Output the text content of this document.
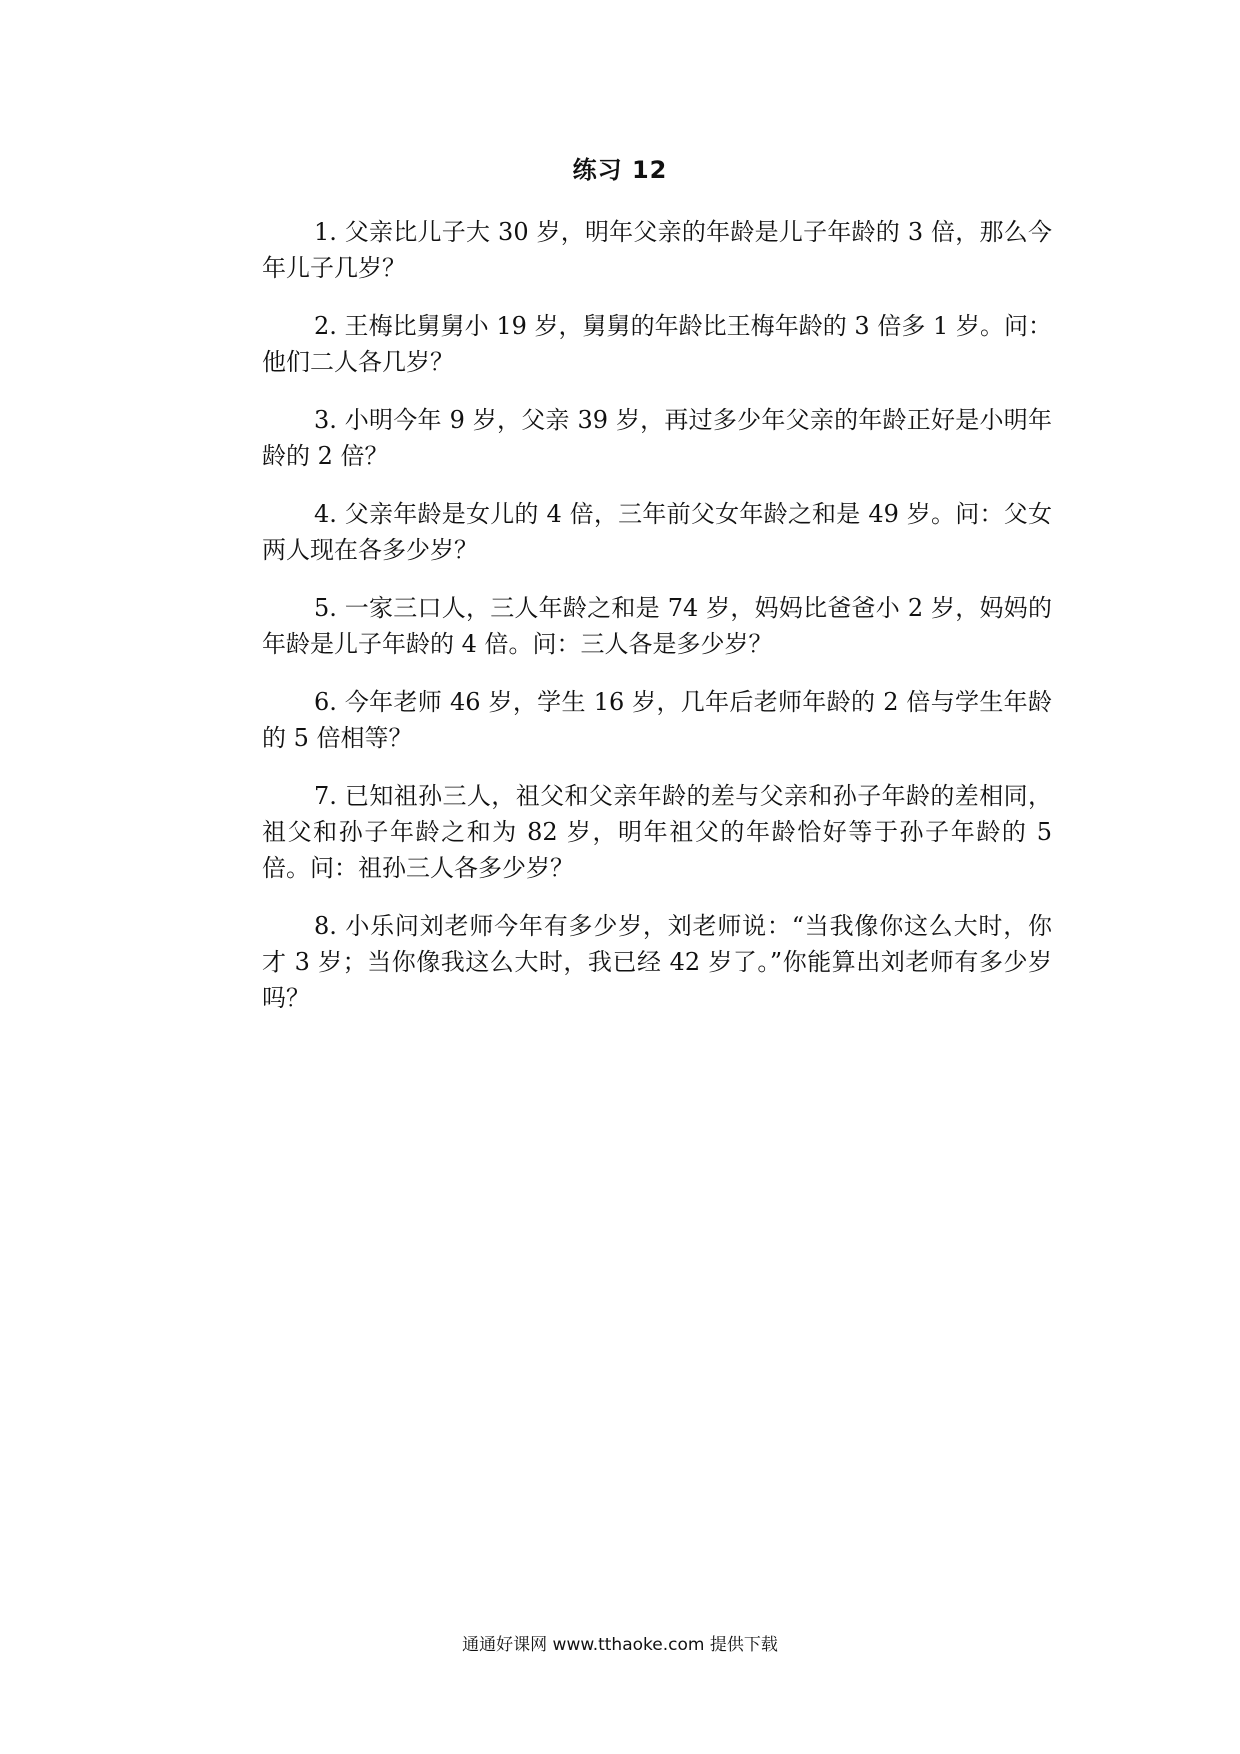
练习 12

1. 父亲比儿子大 30 岁，明年父亲的年龄是儿子年龄的 3 倍，那么今年儿子几岁？

2. 王梅比舅舅小 19 岁，舅舅的年龄比王梅年龄的 3 倍多 1 岁。问：他们二人各几岁？

3. 小明今年 9 岁，父亲 39 岁，再过多少年父亲的年龄正好是小明年龄的 2 倍？

4. 父亲年龄是女儿的 4 倍，三年前父女年龄之和是 49 岁。问：父女两人现在各多少岁？

5. 一家三口人，三人年龄之和是 74 岁，妈妈比爸爸小 2 岁，妈妈的年龄是儿子年龄的 4 倍。问：三人各是多少岁？

6. 今年老师 46 岁，学生 16 岁，几年后老师年龄的 2 倍与学生年龄的 5 倍相等？

7. 已知祖孙三人，祖父和父亲年龄的差与父亲和孙子年龄的差相同，祖父和孙子年龄之和为 82 岁，明年祖父的年龄恰好等于孙子年龄的 5 倍。问：祖孙三人各多少岁？

8. 小乐问刘老师今年有多少岁，刘老师说：“当我像你这么大时，你才 3 岁；当你像我这么大时，我已经 42 岁了。”你能算出刘老师有多少岁吗？

通通好课网 www.tthaoke.com 提供下载
